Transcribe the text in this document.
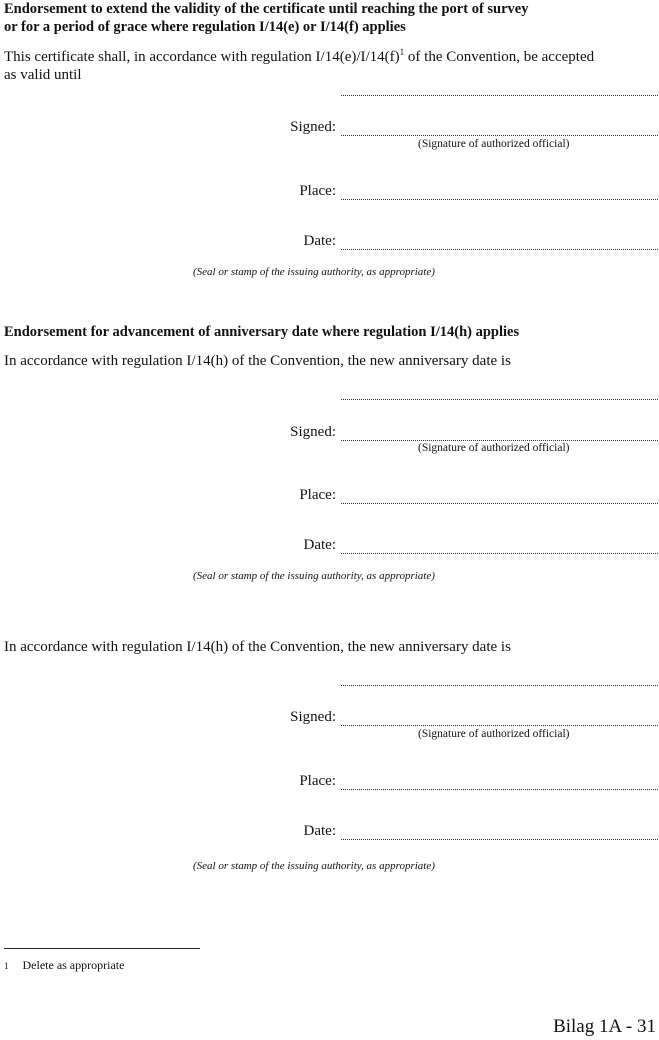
Endorsement to extend the validity of the certificate until reaching the port of survey
or for a period of grace where regulation I/14(e) or I/14(f) applies
This certificate shall, in accordance with regulation $I/14(e)/I/14(f)^1$ of the Convention, be accepted
as valid until
Signed:
(Signature of authorized official)
Place:
Date:
(Seal or stamp of the issuing authority, as appropriate)
Endorsement for advancement of anniversary date where regulation I/14(h) applies
In accordance with regulation I/14(h) of the Convention, the new anniversary date is
Signed:
(Signature of authorized official)
Place:
Date:
(Seal or stamp of the issuing authority, as appropriate)
In accordance with regulation I/14(h) of the Convention, the new anniversary date is
Signed:
(Signature of authorized official)
Place:
Date:
(Seal or stamp of the issuing authority, as appropriate)
1 Delete as appropriate
Bilag 1A - 31
